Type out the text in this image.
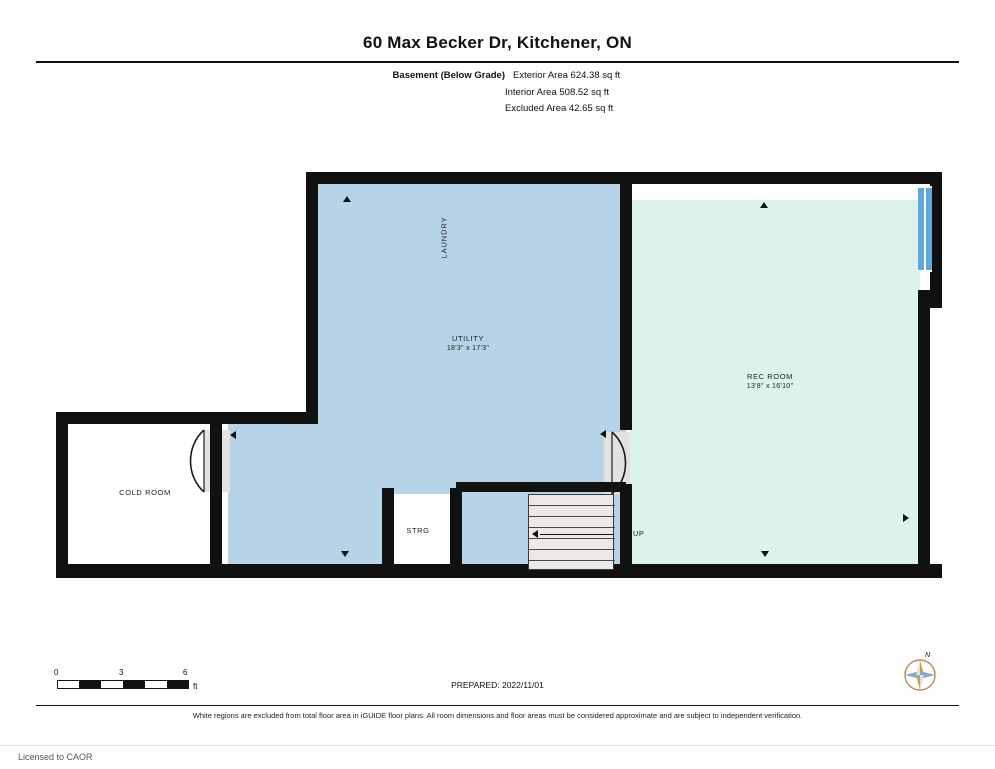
60 Max Becker Dr, Kitchener, ON
Basement (Below Grade) Exterior Area 624.38 sq ft
Interior Area 508.52 sq ft
Excluded Area 42.65 sq ft
UP
LAUNDRY
UTILITY
18'3" x 17'3"
REC ROOM
13'8" x 16'10"
COLD ROOM
STRG
0	3	6
ft	PREPARED: 2022/11/01
N
White regions are excluded from total floor area in iGUIDE floor plans. All room dimensions and floor areas must be considered approximate and are subject to independent verification.
Licensed to CAOR
